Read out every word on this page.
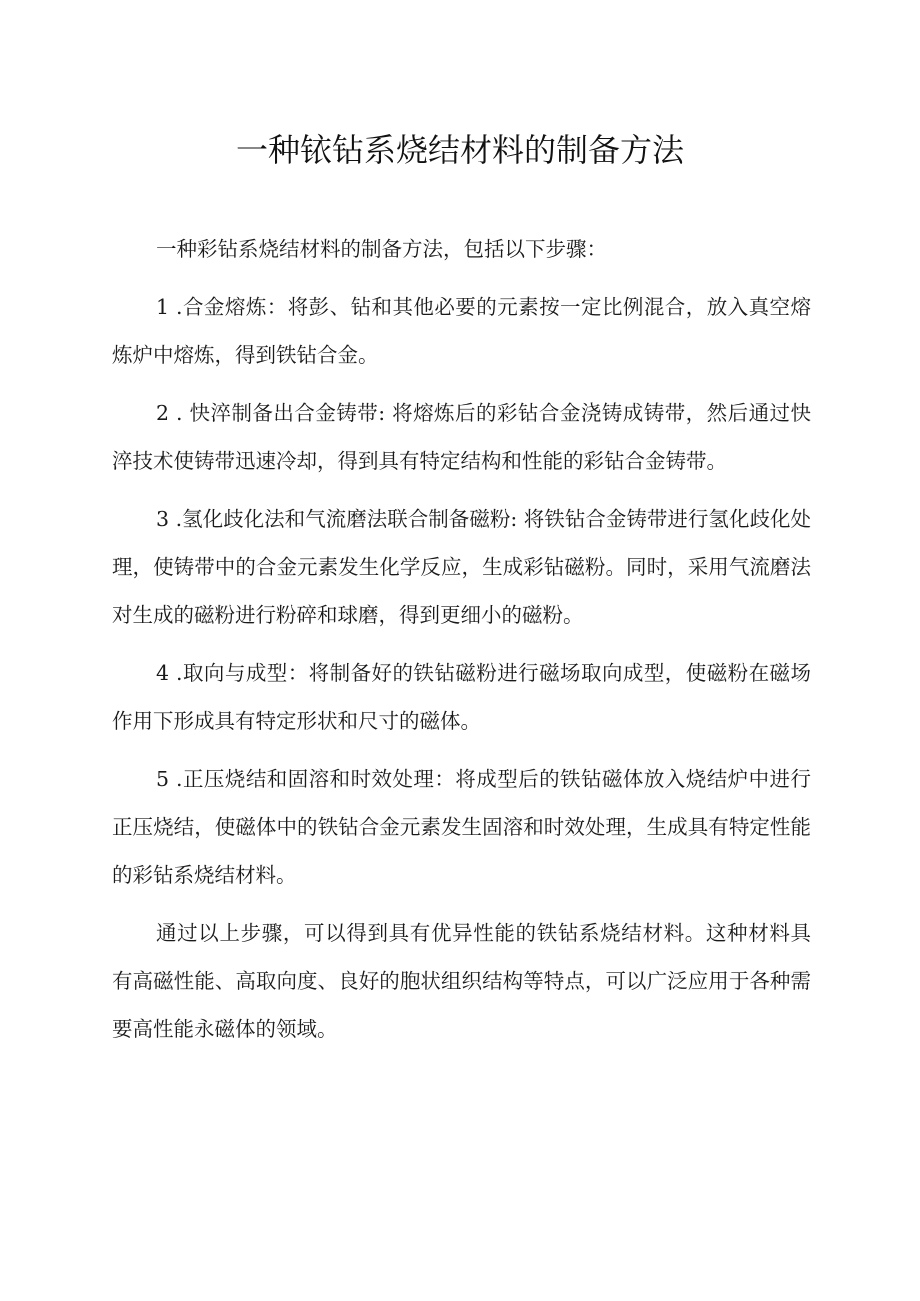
一种铱钻系烧结材料的制备方法

一种彩钻系烧结材料的制备方法，包括以下步骤：

1 .合金熔炼：将彭、钻和其他必要的元素按一定比例混合，放入真空熔炼炉中熔炼，得到铁钻合金。

2 . 快淬制备出合金铸带: 将熔炼后的彩钻合金浇铸成铸带，然后通过快淬技术使铸带迅速冷却，得到具有特定结构和性能的彩钻合金铸带。

3 .氢化歧化法和气流磨法联合制备磁粉: 将铁钻合金铸带进行氢化歧化处理，使铸带中的合金元素发生化学反应，生成彩钻磁粉。同时，采用气流磨法对生成的磁粉进行粉碎和球磨，得到更细小的磁粉。

4 .取向与成型：将制备好的铁钻磁粉进行磁场取向成型，使磁粉在磁场作用下形成具有特定形状和尺寸的磁体。

5 .正压烧结和固溶和时效处理：将成型后的铁钻磁体放入烧结炉中进行正压烧结，使磁体中的铁钻合金元素发生固溶和时效处理，生成具有特定性能的彩钻系烧结材料。

通过以上步骤，可以得到具有优异性能的铁钻系烧结材料。这种材料具有高磁性能、高取向度、良好的胞状组织结构等特点，可以广泛应用于各种需要高性能永磁体的领域。
